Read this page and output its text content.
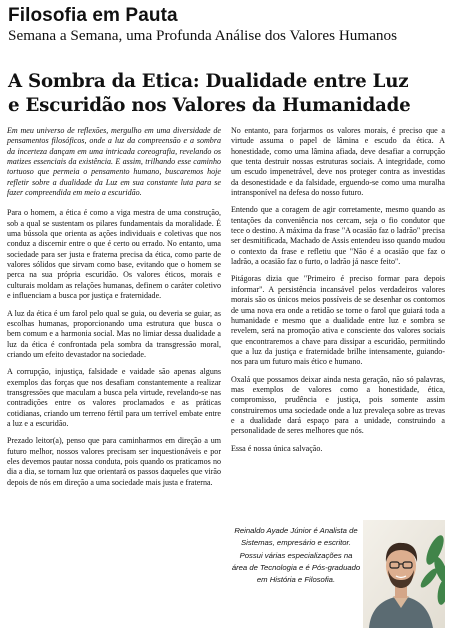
Filosofia em Pauta
Semana a Semana, uma Profunda Análise dos Valores Humanos
A Sombra da Etica: Dualidade entre Luz
e Escuridão nos Valores da Humanidade

Em meu universo de reflexões, mergulho em uma diversidade de pensamentos filosóficos, onde a luz da compreensão e a sombra da incerteza dançam em uma intricada coreografia, revelando os matizes essenciais da existência. E assim, trilhando esse caminho tortuoso que permeia o pensamento humano, buscaremos hoje refletir sobre a dualidade da Luz em sua constante luta para se fazer compreendida em meio a escuridão.

Para o homem, a ética é como a viga mestra de uma construção, sob a qual se sustentam os pilares fundamentais da moralidade. É uma bússola que orienta as ações individuais e coletivas que nos conduz a discernir entre o que é certo ou errado. No entanto, uma sociedade para ser justa e fraterna precisa da ética, como parte de valores sólidos que sirvam como base, evitando que o homem se perca na sua própria escuridão. Os valores éticos, morais e culturais moldam as relações humanas, definem o caráter coletivo e influenciam a busca por justiça e fraternidade.

A luz da ética é um farol pelo qual se guia, ou deveria se guiar, as escolhas humanas, proporcionando uma estrutura que busca o bem comum e a harmonia social. Mas no limiar dessa dualidade a luz da ética é confrontada pela sombra da transgressão moral, criando um efeito devastador na sociedade.

A corrupção, injustiça, falsidade e vaidade são apenas alguns exemplos das forças que nos desafiam constantemente a realizar transgressões que maculam a busca pela virtude, revelando-se nas contradições entre os valores proclamados e as práticas cotidianas, criando um terreno fértil para um terrível embate entre a luz e a escuridão.

Prezado leitor(a), penso que para caminharmos em direção a um futuro melhor, nossos valores precisam ser inquestionáveis e por eles devemos pautar nossa conduta, pois quando os praticamos no dia a dia, se tornam luz que orientará os passos daqueles que virão depois de nós em direção a uma sociedade mais justa e fraterna.

No entanto, para forjarmos os valores morais, é preciso que a virtude assuma o papel de lâmina e escudo da ética. A honestidade, como uma lâmina afiada, deve desafiar a corrupção que tenta destruir nossas estruturas sociais. A integridade, como um escudo impenetrável, deve nos proteger contra as investidas da desonestidade e da falsidade, erguendo-se como uma muralha intransponível na defesa do nosso futuro.

Entendo que a coragem de agir corretamente, mesmo quando as tentações da conveniência nos cercam, seja o fio condutor que tece o destino. A máxima da frase "A ocasião faz o ladrão" precisa ser desmitificada, Machado de Assis entendeu isso quando mudou o contexto da frase e refletiu que "Não é a ocasião que faz o ladrão, a ocasião faz o furto, o ladrão já nasce feito".

Pitágoras dizia que "Primeiro é preciso formar para depois informar". A persistência incansável pelos verdadeiros valores morais são os únicos meios possíveis de se desenhar os contornos de uma nova era onde a retidão se torne o farol que guiará toda a humanidade e mesmo que a dualidade entre luz e sombra se revelem, será na promoção ativa e consciente dos valores sociais que encontraremos a chave para dissipar a escuridão, permitindo que a luz da justiça e fraternidade brilhe intensamente, guiando-nos para um futuro mais ético e humano.

Oxalá que possamos deixar ainda nesta geração, não só palavras, mas exemplos de valores como a honestidade, ética, compromisso, prudência e justiça, pois somente assim construiremos uma sociedade onde a luz prevaleça sobre as trevas e a dualidade dará espaço para a unidade, construindo a personalidade de seres melhores que nós.

Essa é nossa única salvação.

Reinaldo Ayade Júnior é Analista de Sistemas, empresário e escritor. Possui várias especializações na área de Tecnologia e é Pós-graduado em História e Filosofia.
